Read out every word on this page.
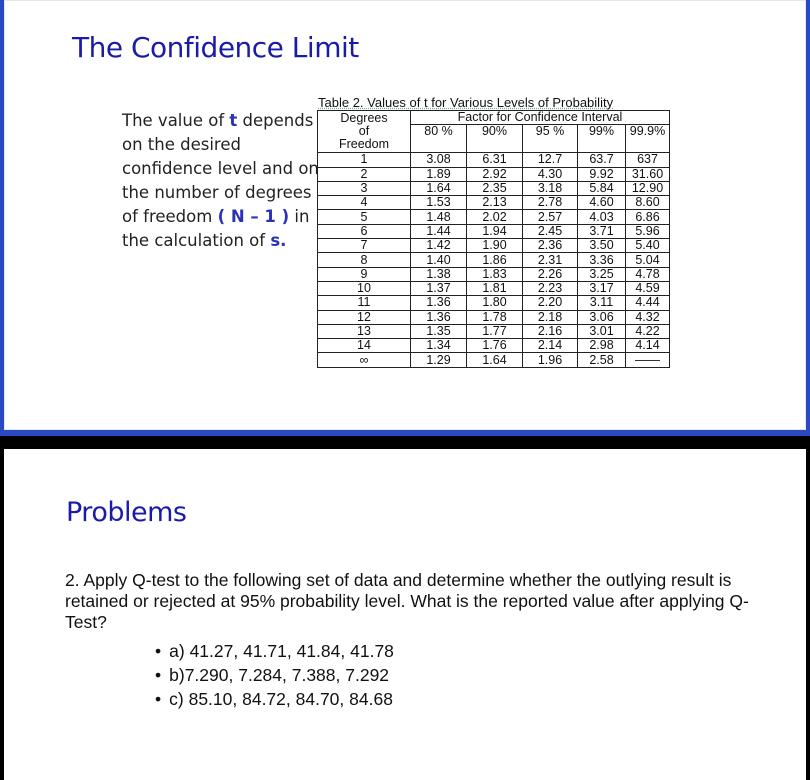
The Confidence Limit
The value of t depends on the desired confidence level and on the number of degrees of freedom ( N – 1 ) in the calculation of s.
Table 2. Values of t for Various Levels of Probability
Degrees
of
Freedom	Factor for Confidence Interval				
	80 %	90%	95 %	99%	99.9%
1	3.08	6.31	12.7	63.7	637
2	1.89	2.92	4.30	9.92	31.60
3	1.64	2.35	3.18	5.84	12.90
4	1.53	2.13	2.78	4.60	8.60
5	1.48	2.02	2.57	4.03	6.86
6	1.44	1.94	2.45	3.71	5.96
7	1.42	1.90	2.36	3.50	5.40
8	1.40	1.86	2.31	3.36	5.04
9	1.38	1.83	2.26	3.25	4.78
10	1.37	1.81	2.23	3.17	4.59
11	1.36	1.80	2.20	3.11	4.44
12	1.36	1.78	2.18	3.06	4.32
13	1.35	1.77	2.16	3.01	4.22
14	1.34	1.76	2.14	2.98	4.14
∞	1.29	1.64	1.96	2.58	——
Problems
2. Apply Q-test to the following set of data and determine whether the outlying result is retained or rejected at 95% probability level. What is the reported value after applying Q-Test?
• a) 41.27, 41.71, 41.84, 41.78
• b)7.290, 7.284, 7.388, 7.292
• c) 85.10, 84.72, 84.70, 84.68
